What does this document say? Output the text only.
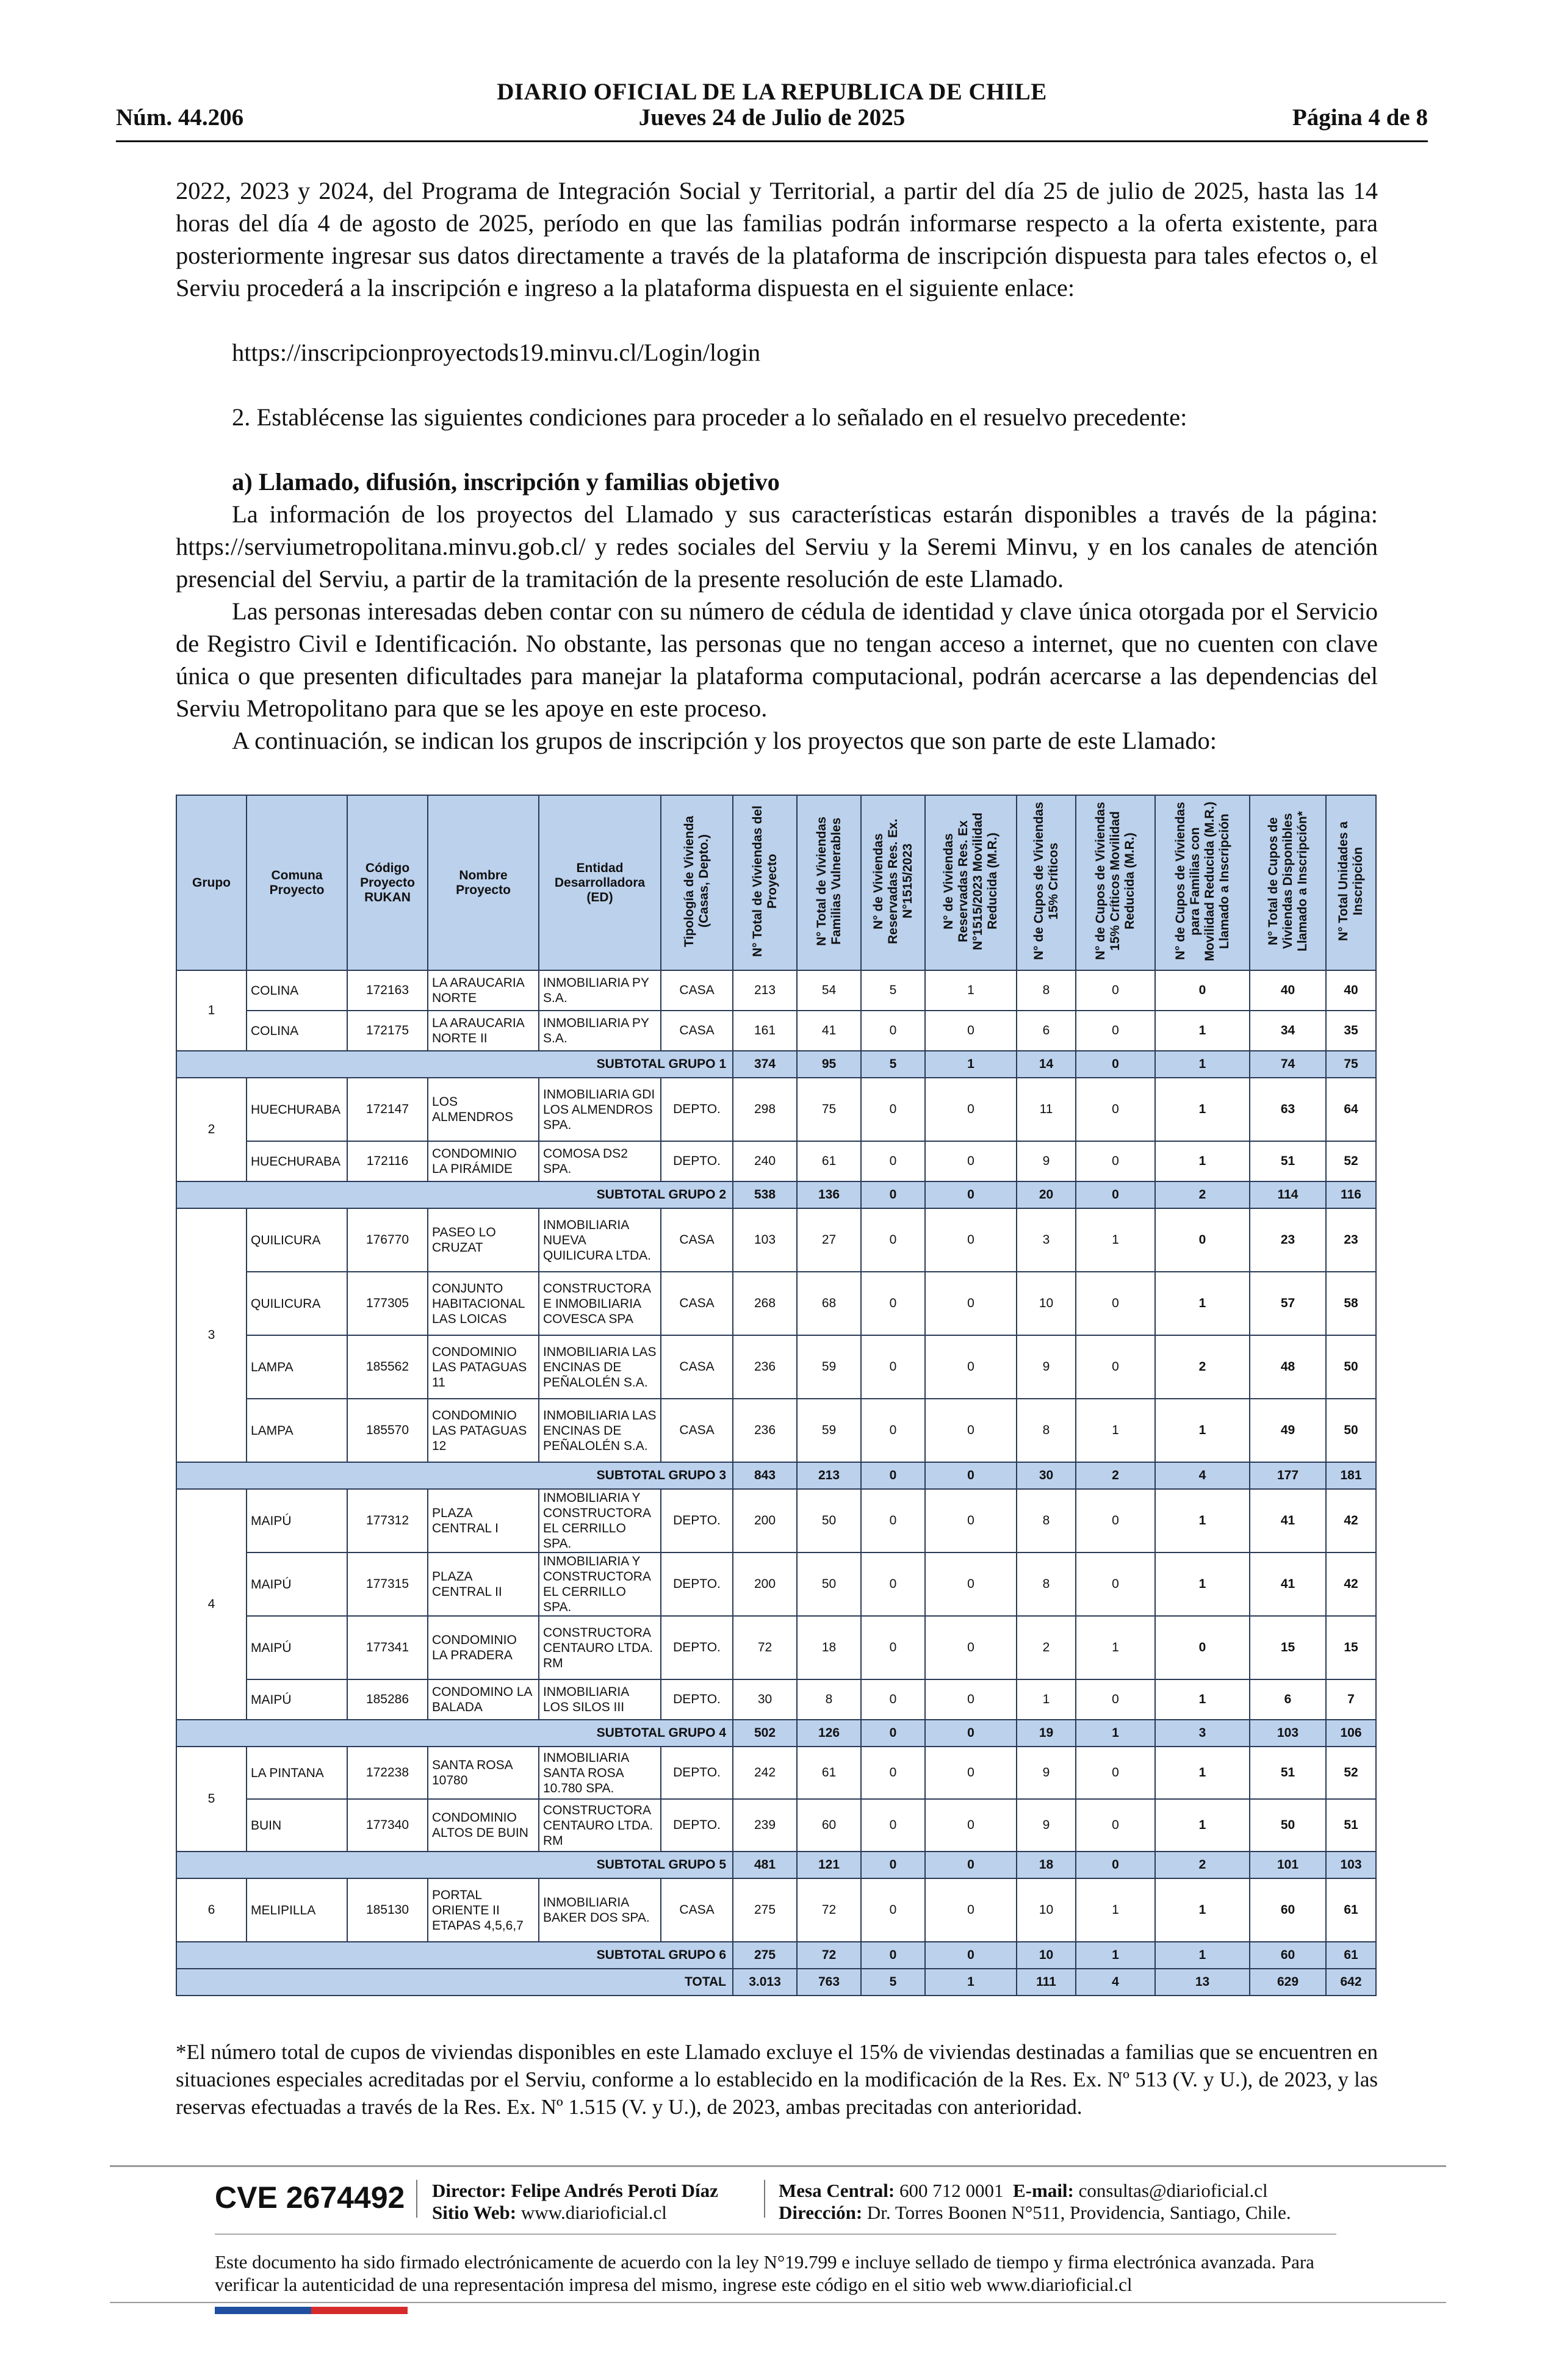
DIARIO OFICIAL DE LA REPUBLICA DE CHILE
Núm. 44.206	Jueves 24 de Julio de 2025	Página 4 de 8

2022, 2023 y 2024, del Programa de Integración Social y Territorial, a partir del día 25 de julio de 2025, hasta las 14 horas del día 4 de agosto de 2025, período en que las familias podrán informarse respecto a la oferta existente, para posteriormente ingresar sus datos directamente a través de la plataforma de inscripción dispuesta para tales efectos o, el Serviu procederá a la inscripción e ingreso a la plataforma dispuesta en el siguiente enlace:

https://inscripcionproyectods19.minvu.cl/Login/login

2. Establécense las siguientes condiciones para proceder a lo señalado en el resuelvo precedente:

a) Llamado, difusión, inscripción y familias objetivo

La información de los proyectos del Llamado y sus características estarán disponibles a través de la página: https://serviumetropolitana.minvu.gob.cl/ y redes sociales del Serviu y la Seremi Minvu, y en los canales de atención presencial del Serviu, a partir de la tramitación de la presente resolución de este Llamado.

Las personas interesadas deben contar con su número de cédula de identidad y clave única otorgada por el Servicio de Registro Civil e Identificación. No obstante, las personas que no tengan acceso a internet, que no cuenten con clave única o que presenten dificultades para manejar la plataforma computacional, podrán acercarse a las dependencias del Serviu Metropolitano para que se les apoye en este proceso.

A continuación, se indican los grupos de inscripción y los proyectos que son parte de este Llamado:

Grupo	Comuna Proyecto	Código Proyecto RUKAN	Nombre Proyecto	Entidad Desarrolladora (ED)	Tipología de Vivienda (Casas, Depto.)	N° Total de Viviendas del Proyecto	N° Total de Viviendas Familias Vulnerables	N° de Viviendas Reservadas Res. Ex. N°1515/2023	N° de Viviendas Reservadas Res. Ex N°1515/2023 Movilidad Reducida (M.R.)	N° de Cupos de Viviendas 15% Críticos	N° de Cupos de Viviendas 15% Críticos Movilidad Reducida (M.R.)	N° de Cupos de Viviendas para Familias con Movilidad Reducida (M.R.) Llamado a Inscripción	N° Total de Cupos de Viviendas Disponibles Llamado a Inscripción*	N° Total Unidades a Inscripción
1	COLINA	172163	LA ARAUCARIA NORTE	INMOBILIARIA PY S.A.	CASA	213	54	5	1	8	0	0	40	40
	COLINA	172175	LA ARAUCARIA NORTE II	INMOBILIARIA PY S.A.	CASA	161	41	0	0	6	0	1	34	35
SUBTOTAL GRUPO 1						374	95	5	1	14	0	1	74	75
2	HUECHURABA	172147	LOS ALMENDROS	INMOBILIARIA GDI LOS ALMENDROS SPA.	DEPTO.	298	75	0	0	11	0	1	63	64
	HUECHURABA	172116	CONDOMINIO LA PIRÁMIDE	COMOSA DS2 SPA.	DEPTO.	240	61	0	0	9	0	1	51	52
SUBTOTAL GRUPO 2						538	136	0	0	20	0	2	114	116
3	QUILICURA	176770	PASEO LO CRUZAT	INMOBILIARIA NUEVA QUILICURA LTDA.	CASA	103	27	0	0	3	1	0	23	23
	QUILICURA	177305	CONJUNTO HABITACIONAL LAS LOICAS	CONSTRUCTORA E INMOBILIARIA COVESCA SPA	CASA	268	68	0	0	10	0	1	57	58
	LAMPA	185562	CONDOMINIO LAS PATAGUAS 11	INMOBILIARIA LAS ENCINAS DE PEÑALOLÉN S.A.	CASA	236	59	0	0	9	0	2	48	50
	LAMPA	185570	CONDOMINIO LAS PATAGUAS 12	INMOBILIARIA LAS ENCINAS DE PEÑALOLÉN S.A.	CASA	236	59	0	0	8	1	1	49	50
SUBTOTAL GRUPO 3						843	213	0	0	30	2	4	177	181
4	MAIPÚ	177312	PLAZA CENTRAL I	INMOBILIARIA Y CONSTRUCTORA EL CERRILLO SPA.	DEPTO.	200	50	0	0	8	0	1	41	42
	MAIPÚ	177315	PLAZA CENTRAL II	INMOBILIARIA Y CONSTRUCTORA EL CERRILLO SPA.	DEPTO.	200	50	0	0	8	0	1	41	42
	MAIPÚ	177341	CONDOMINIO LA PRADERA	CONSTRUCTORA CENTAURO LTDA. RM	DEPTO.	72	18	0	0	2	1	0	15	15
	MAIPÚ	185286	CONDOMINO LA BALADA	INMOBILIARIA LOS SILOS III	DEPTO.	30	8	0	0	1	0	1	6	7
SUBTOTAL GRUPO 4						502	126	0	0	19	1	3	103	106
5	LA PINTANA	172238	SANTA ROSA 10780	INMOBILIARIA SANTA ROSA 10.780 SPA.	DEPTO.	242	61	0	0	9	0	1	51	52
	BUIN	177340	CONDOMINIO ALTOS DE BUIN	CONSTRUCTORA CENTAURO LTDA. RM	DEPTO.	239	60	0	0	9	0	1	50	51
SUBTOTAL GRUPO 5						481	121	0	0	18	0	2	101	103
6	MELIPILLA	185130	PORTAL ORIENTE II ETAPAS 4,5,6,7	INMOBILIARIA BAKER DOS SPA.	CASA	275	72	0	0	10	1	1	60	61
SUBTOTAL GRUPO 6						275	72	0	0	10	1	1	60	61
TOTAL						3.013	763	5	1	111	4	13	629	642
*El número total de cupos de viviendas disponibles en este Llamado excluye el 15% de viviendas destinadas a familias que se encuentren en situaciones especiales acreditadas por el Serviu, conforme a lo establecido en la modificación de la Res. Ex. Nº 513 (V. y U.), de 2023, y las reservas efectuadas a través de la Res. Ex. Nº 1.515 (V. y U.), de 2023, ambas precitadas con anterioridad.
CVE 2674492 Director: Felipe Andrés Peroti Díaz
Sitio Web: www.diarioficial.cl
Mesa Central: 600 712 0001 E-mail: consultas@diarioficial.cl
Dirección: Dr. Torres Boonen N°511, Providencia, Santiago, Chile.
Este documento ha sido firmado electrónicamente de acuerdo con la ley N°19.799 e incluye sellado de tiempo y firma electrónica avanzada. Para verificar la autenticidad de una representación impresa del mismo, ingrese este código en el sitio web www.diarioficial.cl
